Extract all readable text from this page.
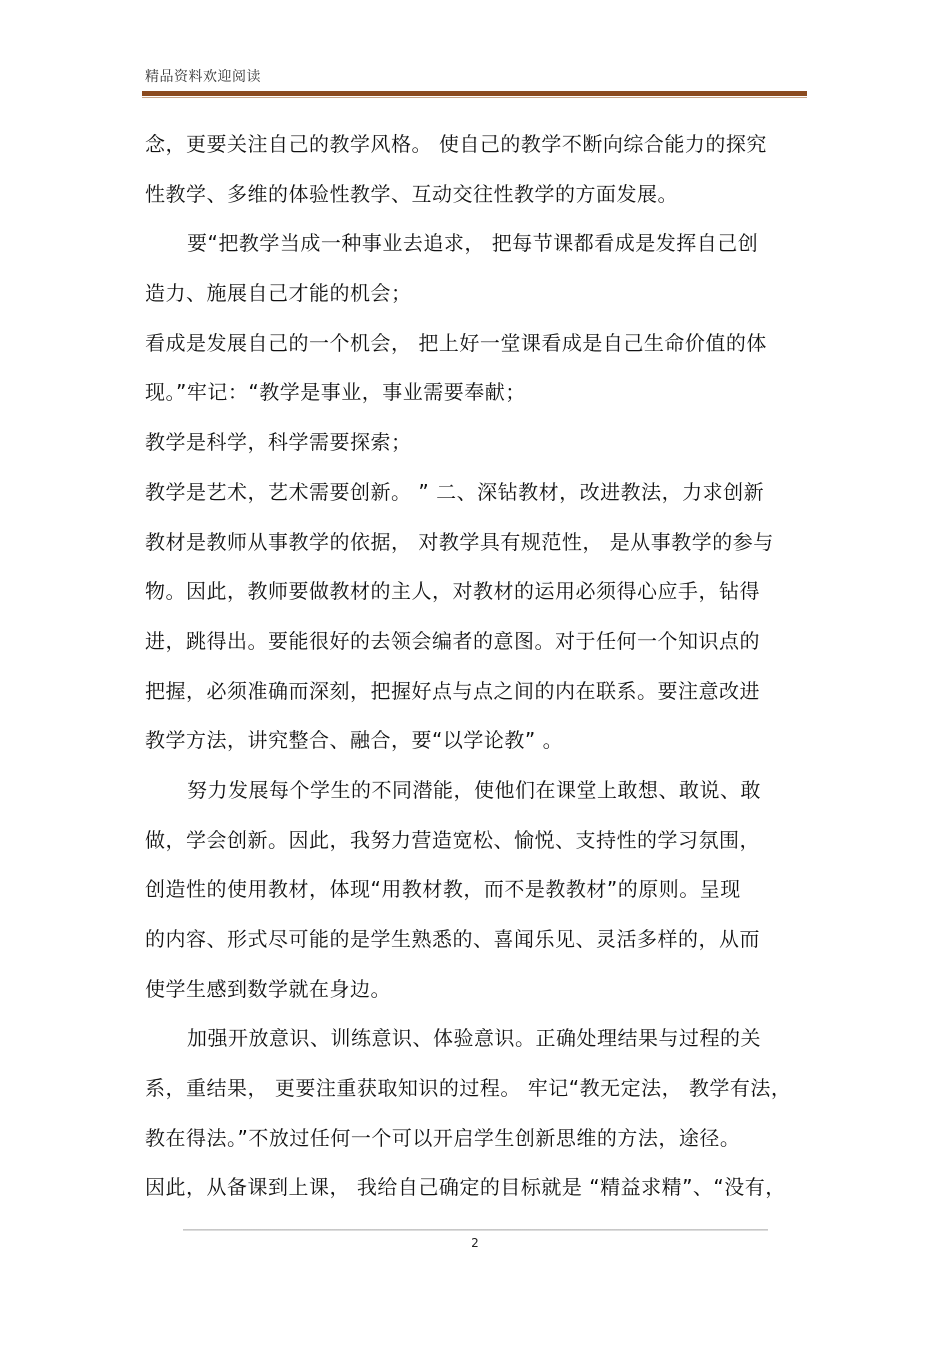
精品资料欢迎阅读
念，更要关注自己的教学风格。 使自己的教学不断向综合能力的探究
性教学、多维的体验性教学、互动交往性教学的方面发展。
要“把教学当成一种事业去追求， 把每节课都看成是发挥自己创
造力、施展自己才能的机会；
看成是发展自己的一个机会， 把上好一堂课看成是自己生命价值的体
现。”牢记：“教学是事业，事业需要奉献；
教学是科学，科学需要探索；
教学是艺术，艺术需要创新。 ” 二、深钻教材，改进教法，力求创新
教材是教师从事教学的依据， 对教学具有规范性， 是从事教学的参与
物。因此，教师要做教材的主人，对教材的运用必须得心应手，钻得
进，跳得出。要能很好的去领会编者的意图。对于任何一个知识点的
把握，必须准确而深刻，把握好点与点之间的内在联系。要注意改进
教学方法，讲究整合、融合，要“以学论教” 。
努力发展每个学生的不同潜能，使他们在课堂上敢想、敢说、敢
做，学会创新。因此，我努力营造宽松、愉悦、支持性的学习氛围，
创造性的使用教材，体现“用教材教，而不是教教材”的原则。呈现
的内容、形式尽可能的是学生熟悉的、喜闻乐见、灵活多样的，从而
使学生感到数学就在身边。
加强开放意识、训练意识、体验意识。正确处理结果与过程的关
系，重结果， 更要注重获取知识的过程。 牢记“教无定法， 教学有法，
教在得法。”不放过任何一个可以开启学生创新思维的方法，途径。
因此，从备课到上课， 我给自己确定的目标就是 “精益求精”、“没有，
2
